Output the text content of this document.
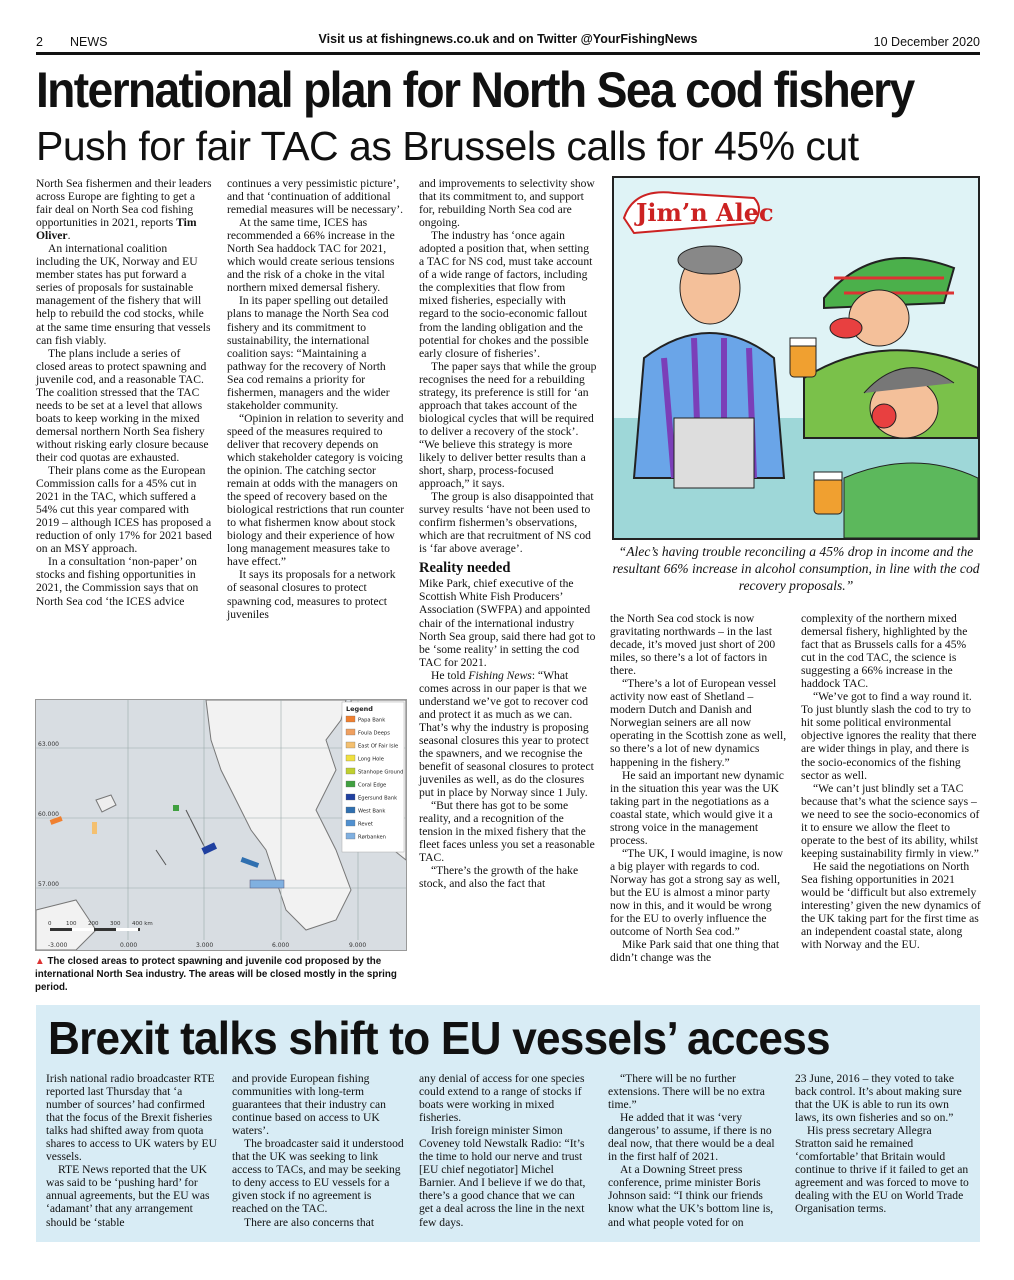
2 NEWS	Visit us at fishingnews.co.uk and on Twitter @YourFishingNews	10 December 2020
International plan for North Sea cod fishery
Push for fair TAC as Brussels calls for 45% cut

North Sea fishermen and their leaders across Europe are fighting to get a fair deal on North Sea cod fishing opportunities in 2021, reports Tim Oliver.

An international coalition including the UK, Norway and EU member states has put forward a series of proposals for sustainable management of the fishery that will help to rebuild the cod stocks, while at the same time ensuring that vessels can fish viably.

The plans include a series of closed areas to protect spawning and juvenile cod, and a reasonable TAC. The coalition stressed that the TAC needs to be set at a level that allows boats to keep working in the mixed demersal northern North Sea fishery without risking early closure because their cod quotas are exhausted.

Their plans come as the European Commission calls for a 45% cut in 2021 in the TAC, which suffered a 54% cut this year compared with 2019 – although ICES has proposed a reduction of only 17% for 2021 based on an MSY approach.

In a consultation ‘non-paper’ on stocks and fishing opportunities in 2021, the Commission says that on North Sea cod ‘the ICES advice

continues a very pessimistic picture’, and that ‘continuation of additional remedial measures will be necessary’.

At the same time, ICES has recommended a 66% increase in the North Sea haddock TAC for 2021, which would create serious tensions and the risk of a choke in the vital northern mixed demersal fishery.

In its paper spelling out detailed plans to manage the North Sea cod fishery and its commitment to sustainability, the international coalition says: “Maintaining a pathway for the recovery of North Sea cod remains a priority for fishermen, managers and the wider stakeholder community.

“Opinion in relation to severity and speed of the measures required to deliver that recovery depends on which stakeholder category is voicing the opinion. The catching sector remain at odds with the managers on the speed of recovery based on the biological restrictions that run counter to what fishermen know about stock biology and their experience of how long management measures take to have effect.”

It says its proposals for a network of seasonal closures to protect spawning cod, measures to protect juveniles

and improvements to selectivity show that its commitment to, and support for, rebuilding North Sea cod are ongoing.

The industry has ‘once again adopted a position that, when setting a TAC for NS cod, must take account of a wide range of factors, including the complexities that flow from mixed fisheries, especially with regard to the socio-economic fallout from the landing obligation and the potential for chokes and the possible early closure of fisheries’.

The paper says that while the group recognises the need for a rebuilding strategy, its preference is still for ‘an approach that takes account of the biological cycles that will be required to deliver a recovery of the stock’. “We believe this strategy is more likely to deliver better results than a short, sharp, process-focused approach,” it says.

The group is also disappointed that survey results ‘have not been used to confirm fishermen’s observations, which are that recruitment of NS cod is ‘far above average’.

Reality needed

Mike Park, chief executive of the Scottish White Fish Producers’ Association (SWFPA) and appointed chair of the international industry North Sea group, said there had got to be ‘some reality’ in setting the cod TAC for 2021.

He told Fishing News: “What comes across in our paper is that we understand we’ve got to recover cod and protect it as much as we can. That’s why the industry is proposing seasonal closures this year to protect the spawners, and we recognise the benefit of seasonal closures to protect juveniles as well, as do the closures put in place by Norway since 1 July.

“But there has got to be some reality, and a recognition of the tension in the mixed fishery that the fleet faces unless you set a reasonable TAC.

“There’s the growth of the hake stock, and also the fact that

Jim’n Alec
“Alec’s having trouble reconciling a 45% drop in income and the resultant 66% increase in alcohol consumption, in line with the cod recovery proposals.”

the North Sea cod stock is now gravitating northwards – in the last decade, it’s moved just short of 200 miles, so there’s a lot of factors in there.

“There’s a lot of European vessel activity now east of Shetland – modern Dutch and Danish and Norwegian seiners are all now operating in the Scottish zone as well, so there’s a lot of new dynamics happening in the fishery.”

He said an important new dynamic in the situation this year was the UK taking part in the negotiations as a coastal state, which would give it a strong voice in the management process.

“The UK, I would imagine, is now a big player with regards to cod. Norway has got a strong say as well, but the EU is almost a minor party now in this, and it would be wrong for the EU to overly influence the outcome of North Sea cod.”

Mike Park said that one thing that didn’t change was the

complexity of the northern mixed demersal fishery, highlighted by the fact that as Brussels calls for a 45% cut in the cod TAC, the science is suggesting a 66% increase in the haddock TAC.

“We’ve got to find a way round it. To just bluntly slash the cod to try to hit some political environmental objective ignores the reality that there are wider things in play, and there is the socio-economics of the fishing sector as well.

“We can’t just blindly set a TAC because that’s what the science says – we need to see the socio-economics of it to ensure we allow the fleet to operate to the best of its ability, whilst keeping sustainability firmly in view.”

He said the negotiations on North Sea fishing opportunities in 2021 would be ‘difficult but also extremely interesting’ given the new dynamics of the UK taking part for the first time as an independent coastal state, along with Norway and the EU.

Legend
Papa Bank
Foula Deeps
East Of Fair Isle
Long Hole
Stanhope Ground
Coral Edge
Egersund Bank
West Bank
Revet
Rørbanken
63.000
60.000
57.000
-3.000	0.000	3.000	6.000	9.000
0	100 200 300 400 km
▲ The closed areas to protect spawning and juvenile cod proposed by the international North Sea industry. The areas will be closed mostly in the spring period.
Brexit talks shift to EU vessels’ access

Irish national radio broadcaster RTE reported last Thursday that ‘a number of sources’ had confirmed that the focus of the Brexit fisheries talks had shifted away from quota shares to access to UK waters by EU vessels.

RTE News reported that the UK was said to be ‘pushing hard’ for annual agreements, but the EU was ‘adamant’ that any arrangement should be ‘stable

and provide European fishing communities with long-term guarantees that their industry can continue based on access to UK waters’.

The broadcaster said it understood that the UK was seeking to link access to TACs, and may be seeking to deny access to EU vessels for a given stock if no agreement is reached on the TAC.

There are also concerns that

any denial of access for one species could extend to a range of stocks if boats were working in mixed fisheries.

Irish foreign minister Simon Coveney told Newstalk Radio: “It’s the time to hold our nerve and trust [EU chief negotiator] Michel Barnier. And I believe if we do that, there’s a good chance that we can get a deal across the line in the next few days.

“There will be no further extensions. There will be no extra time.”

He added that it was ‘very dangerous’ to assume, if there is no deal now, that there would be a deal in the first half of 2021.

At a Downing Street press conference, prime minister Boris Johnson said: “I think our friends know what the UK’s bottom line is, and what people voted for on

23 June, 2016 – they voted to take back control. It’s about making sure that the UK is able to run its own laws, its own fisheries and so on.”

His press secretary Allegra Stratton said he remained ‘comfortable’ that Britain would continue to thrive if it failed to get an agreement and was forced to move to dealing with the EU on World Trade Organisation terms.
